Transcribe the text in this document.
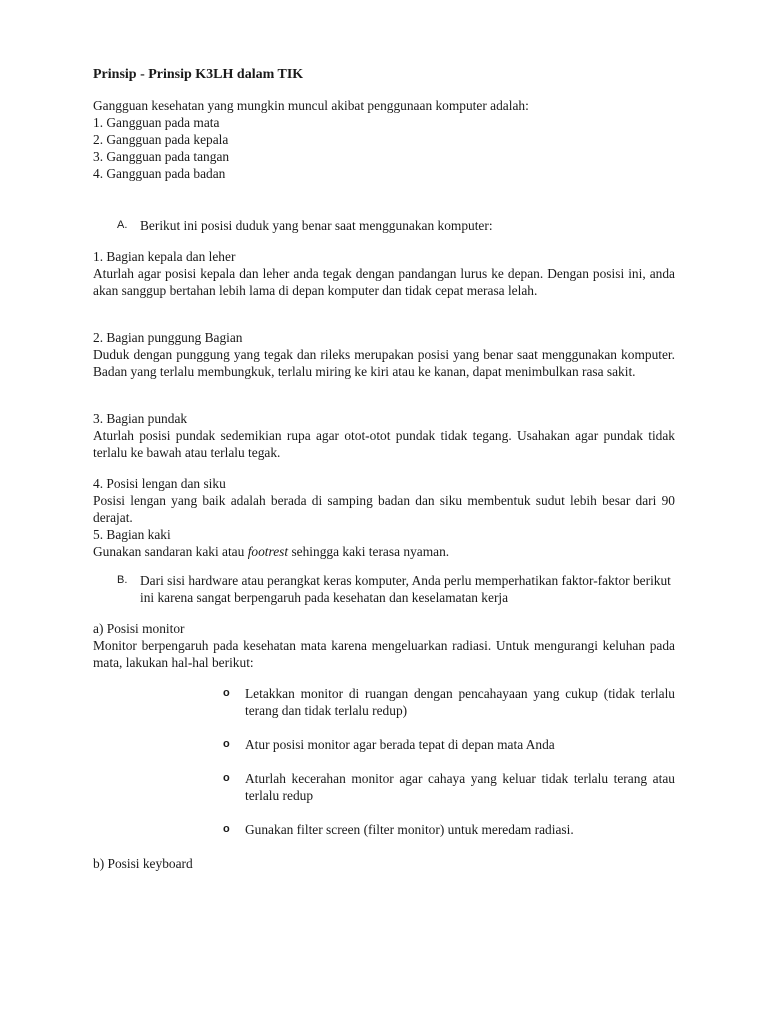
Prinsip - Prinsip K3LH dalam TIK

Gangguan kesehatan yang mungkin muncul akibat penggunaan komputer adalah:

1. Gangguan pada mata

2. Gangguan pada kepala

3. Gangguan pada tangan

4. Gangguan pada badan

A. Berikut ini posisi duduk yang benar saat menggunakan komputer:

1. Bagian kepala dan leher

Aturlah agar posisi kepala dan leher anda tegak dengan pandangan lurus ke depan. Dengan posisi ini, anda akan sanggup bertahan lebih lama di depan komputer dan tidak cepat merasa lelah.

2. Bagian punggung Bagian

Duduk dengan punggung yang tegak dan rileks merupakan posisi yang benar saat menggunakan komputer. Badan yang terlalu membungkuk, terlalu miring ke kiri atau ke kanan, dapat menimbulkan rasa sakit.

3. Bagian pundak

Aturlah posisi pundak sedemikian rupa agar otot-otot pundak tidak tegang. Usahakan agar pundak tidak terlalu ke bawah atau terlalu tegak.

4. Posisi lengan dan siku

Posisi lengan yang baik adalah berada di samping badan dan siku membentuk sudut lebih besar dari 90 derajat.

5. Bagian kaki

Gunakan sandaran kaki atau footrest sehingga kaki terasa nyaman.

B. Dari sisi hardware atau perangkat keras komputer, Anda perlu memperhatikan faktor-faktor berikut ini karena sangat berpengaruh pada kesehatan dan keselamatan kerja

a) Posisi monitor

Monitor berpengaruh pada kesehatan mata karena mengeluarkan radiasi. Untuk mengurangi keluhan pada mata, lakukan hal-hal berikut:

o	Letakkan monitor di ruangan dengan pencahayaan yang cukup (tidak terlalu terang dan tidak terlalu redup)
o	Atur posisi monitor agar berada tepat di depan mata Anda
o	Aturlah kecerahan monitor agar cahaya yang keluar tidak terlalu terang atau terlalu redup
o	Gunakan filter screen (filter monitor) untuk meredam radiasi.

b) Posisi keyboard
